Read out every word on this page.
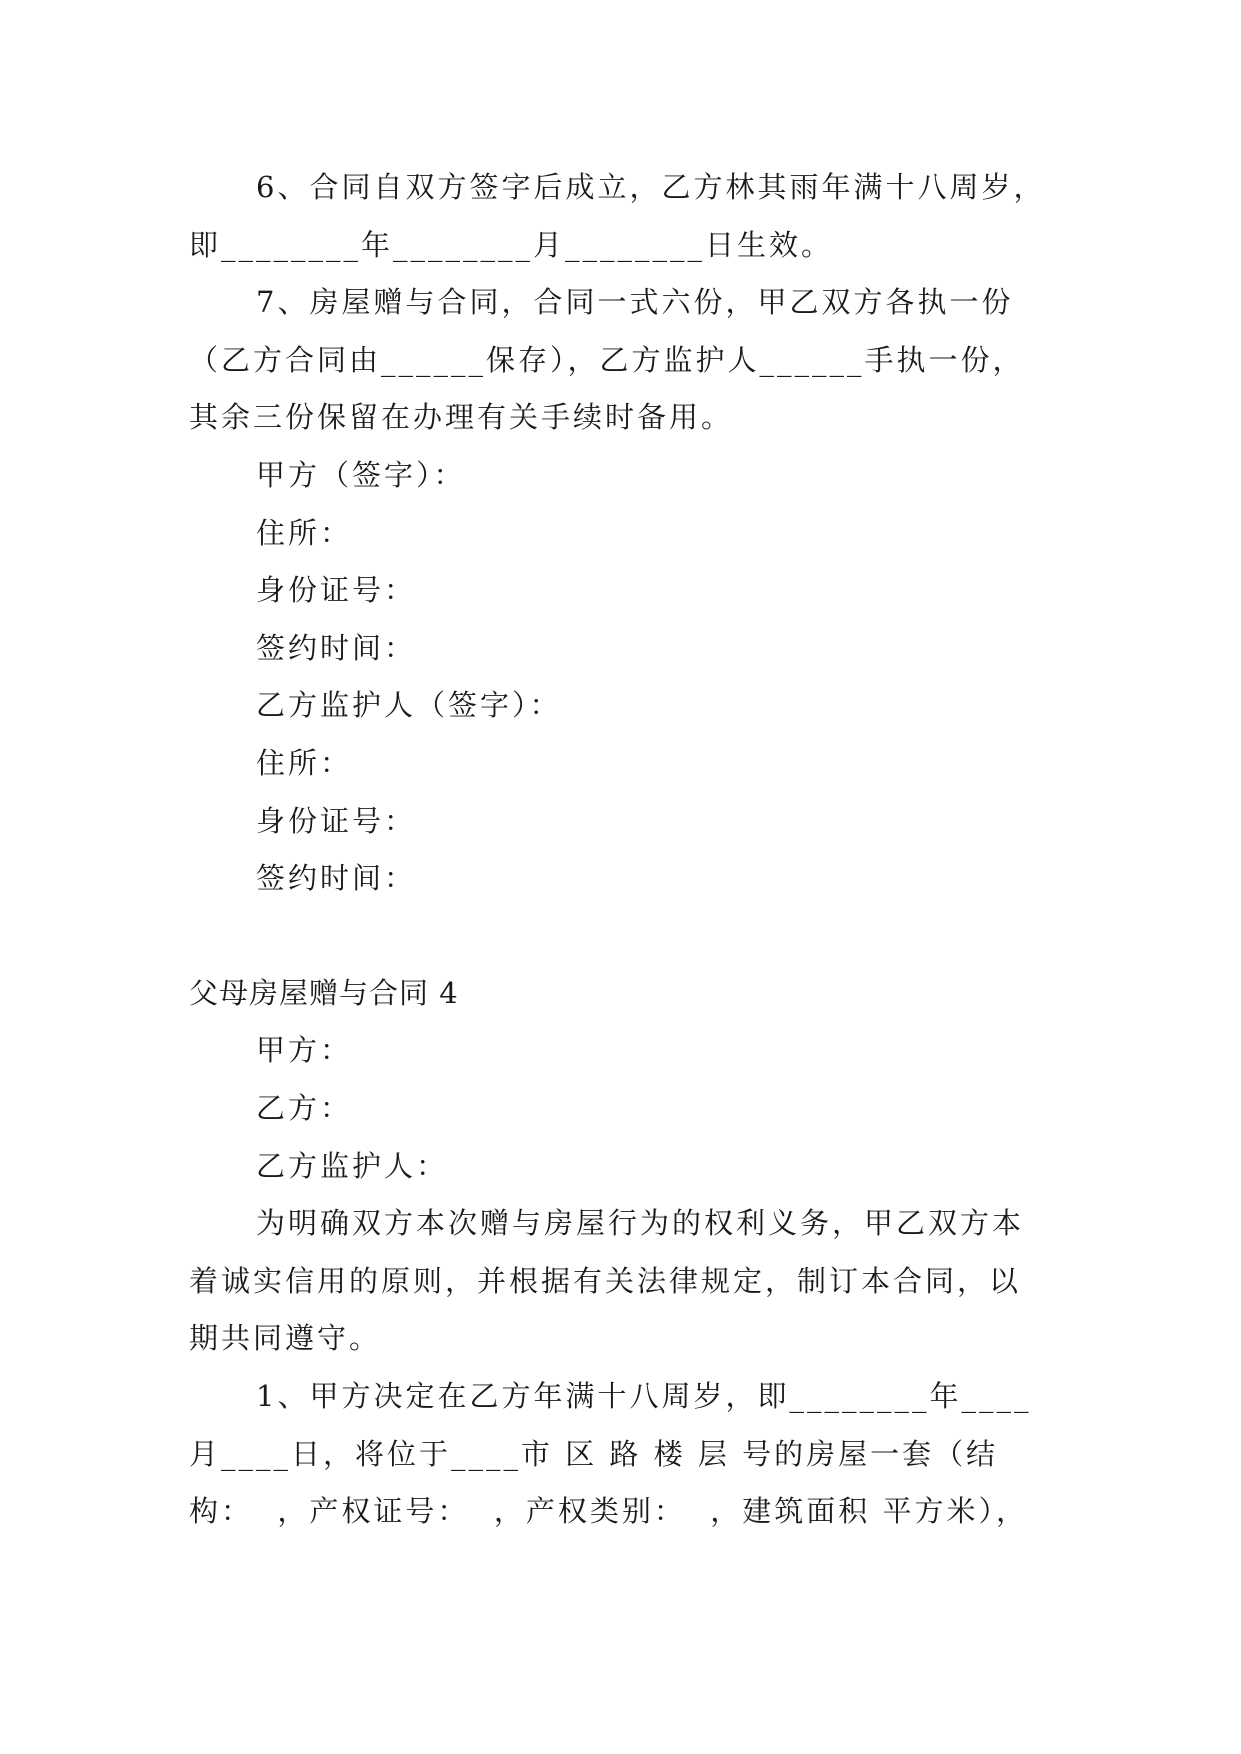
6、合同自双方签字后成立，乙方林其雨年满十八周岁，
即________年________月________日生效。
7、房屋赠与合同，合同一式六份，甲乙双方各执一份
（乙方合同由______保存），乙方监护人______手执一份，
其余三份保留在办理有关手续时备用。
甲方（签字）：
住所：
身份证号：
签约时间：
乙方监护人（签字）：
住所：
身份证号：
签约时间：
父母房屋赠与合同 4
甲方：
乙方：
乙方监护人：
为明确双方本次赠与房屋行为的权利义务，甲乙双方本
着诚实信用的原则，并根据有关法律规定，制订本合同，以
期共同遵守。
1、甲方决定在乙方年满十八周岁，即________年____
月____日，将位于____市 区 路 楼 层 号的房屋一套（结
构：  ，产权证号：  ，产权类别：  ，建筑面积 平方米），
